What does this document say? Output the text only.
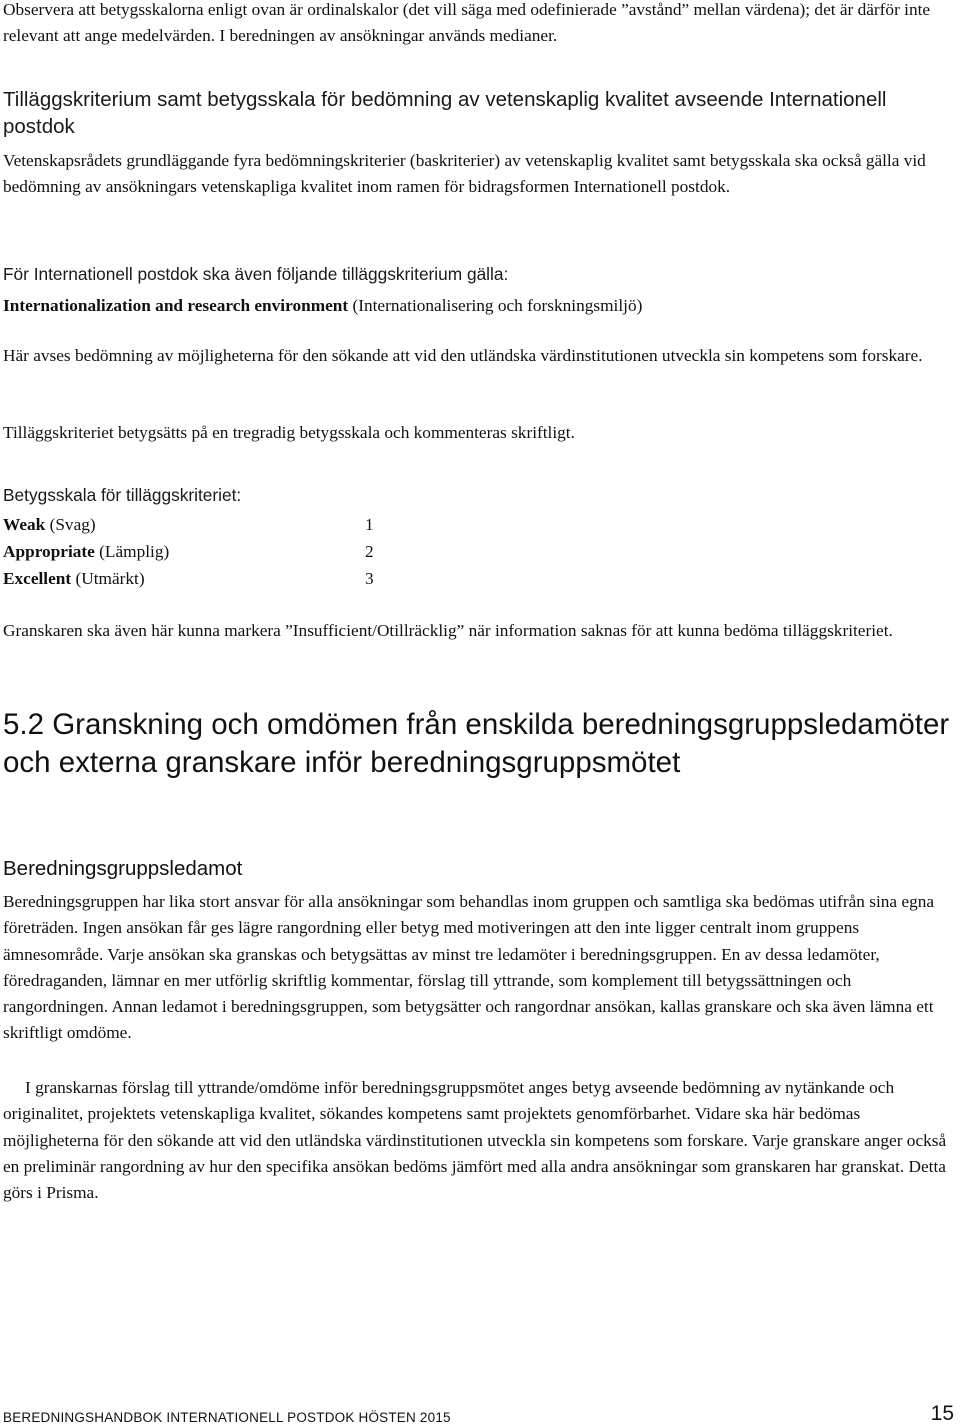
Observera att betygsskalorna enligt ovan är ordinalskalor (det vill säga med odefinierade ”avstånd” mellan värdena); det är därför inte relevant att ange medelvärden. I beredningen av ansökningar används medianer.
Tilläggskriterium samt betygsskala för bedömning av vetenskaplig kvalitet avseende Internationell postdok
Vetenskapsrådets grundläggande fyra bedömningskriterier (baskriterier) av vetenskaplig kvalitet samt betygsskala ska också gälla vid bedömning av ansökningars vetenskapliga kvalitet inom ramen för bidragsformen Internationell postdok.
För Internationell postdok ska även följande tilläggskriterium gälla:
Internationalization and research environment (Internationalisering och forskningsmiljö)
Här avses bedömning av möjligheterna för den sökande att vid den utländska värdinstitutionen utveckla sin kompetens som forskare.
Tilläggskriteriet betygsätts på en tregradig betygsskala och kommenteras skriftligt.
Betygsskala för tilläggskriteriet:
Weak (Svag)	1
Appropriate (Lämplig)	2
Excellent (Utmärkt)	3
Granskaren ska även här kunna markera ”Insufficient/Otillräcklig” när information saknas för att kunna bedöma tilläggskriteriet.
5.2 Granskning och omdömen från enskilda beredningsgruppsledamöter och externa granskare inför beredningsgruppsmötet
Beredningsgruppsledamot
Beredningsgruppen har lika stort ansvar för alla ansökningar som behandlas inom gruppen och samtliga ska bedömas utifrån sina egna företräden. Ingen ansökan får ges lägre rangordning eller betyg med motiveringen att den inte ligger centralt inom gruppens ämnesområde. Varje ansökan ska granskas och betygsättas av minst tre ledamöter i beredningsgruppen. En av dessa ledamöter, föredraganden, lämnar en mer utförlig skriftlig kommentar, förslag till yttrande, som komplement till betygssättningen och rangordningen. Annan ledamot i beredningsgruppen, som betygsätter och rangordnar ansökan, kallas granskare och ska även lämna ett skriftligt omdöme.
I granskarnas förslag till yttrande/omdöme inför beredningsgruppsmötet anges betyg avseende bedömning av nytänkande och originalitet, projektets vetenskapliga kvalitet, sökandes kompetens samt projektets genomförbarhet. Vidare ska här bedömas möjligheterna för den sökande att vid den utländska värdinstitutionen utveckla sin kompetens som forskare. Varje granskare anger också en preliminär rangordning av hur den specifika ansökan bedöms jämfört med alla andra ansökningar som granskaren har granskat. Detta görs i Prisma.
BEREDNINGSHANDBOK INTERNATIONELL POSTDOK HÖSTEN 2015	15
